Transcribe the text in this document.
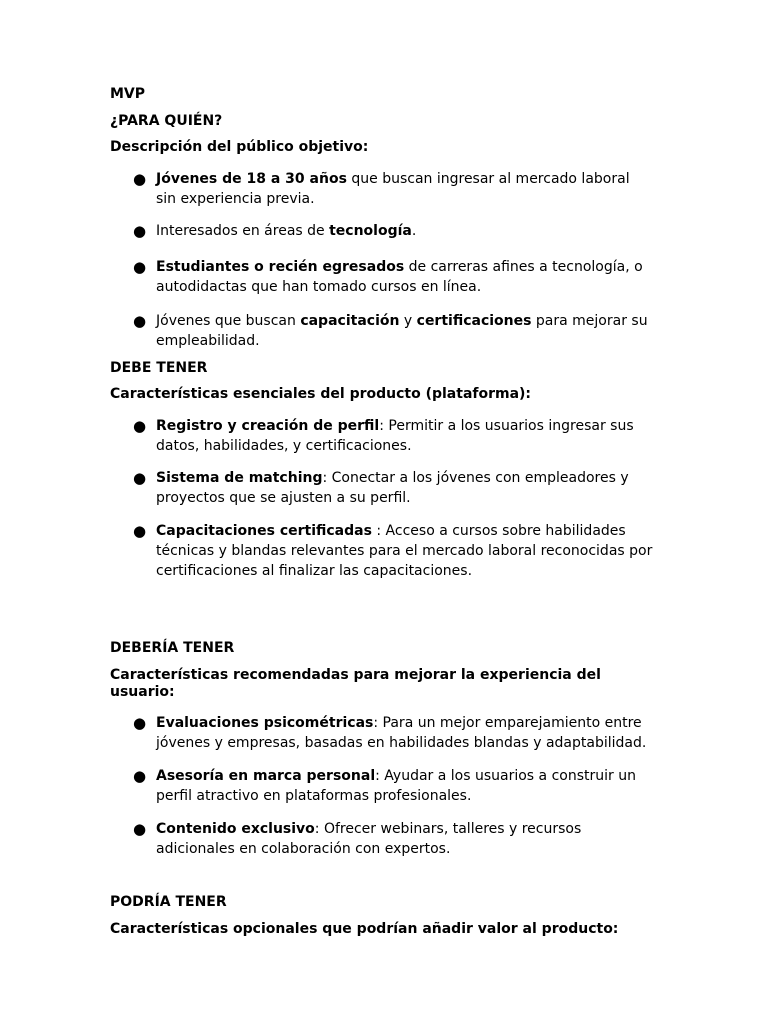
MVP

¿PARA QUIÉN?

Descripción del público objetivo:

● Jóvenes de 18 a 30 años que buscan ingresar al mercado laboral sin experiencia previa.
● Interesados en áreas de tecnología.
● Estudiantes o recién egresados de carreras afines a tecnología, o autodidactas que han tomado cursos en línea.
● Jóvenes que buscan capacitación y certificaciones para mejorar su empleabilidad.

DEBE TENER

Características esenciales del producto (plataforma):

● Registro y creación de perfil: Permitir a los usuarios ingresar sus datos, habilidades, y certificaciones.
● Sistema de matching: Conectar a los jóvenes con empleadores y proyectos que se ajusten a su perfil.
● Capacitaciones certificadas : Acceso a cursos sobre habilidades técnicas y blandas relevantes para el mercado laboral reconocidas por certificaciones al finalizar las capacitaciones.

DEBERÍA TENER

Características recomendadas para mejorar la experiencia del usuario:

● Evaluaciones psicométricas: Para un mejor emparejamiento entre jóvenes y empresas, basadas en habilidades blandas y adaptabilidad.
● Asesoría en marca personal: Ayudar a los usuarios a construir un perfil atractivo en plataformas profesionales.
● Contenido exclusivo: Ofrecer webinars, talleres y recursos adicionales en colaboración con expertos.

PODRÍA TENER

Características opcionales que podrían añadir valor al producto:
